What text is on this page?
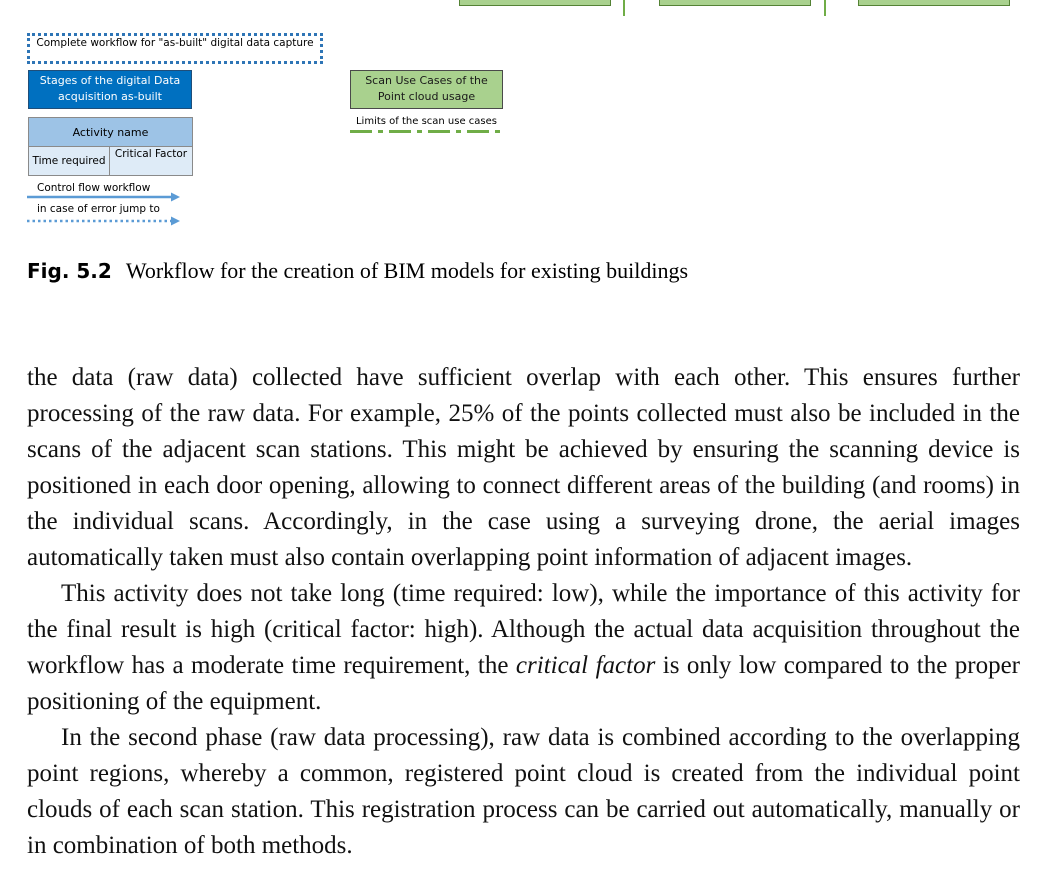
Complete workflow for "as-built" digital data capture
Stages of the digital Data acquisition as-built
Scan Use Cases of the Point cloud usage
Limits of the scan use cases
Activity name
Time required
Critical Factor
Control flow workflow
in case of error jump to
Fig. 5.2 Workflow for the creation of BIM models for existing buildings

the data (raw data) collected have sufficient overlap with each other. This ensures further processing of the raw data. For example, 25% of the points collected must also be included in the scans of the adjacent scan stations. This might be achieved by ensuring the scanning device is positioned in each door opening, allowing to connect different areas of the building (and rooms) in the individual scans. Accordingly, in the case using a surveying drone, the aerial images automatically taken must also contain overlapping point information of adjacent images.

This activity does not take long (time required: low), while the importance of this activity for the final result is high (critical factor: high). Although the actual data acquisition throughout the workflow has a moderate time requirement, the critical factor is only low compared to the proper positioning of the equipment.

In the second phase (raw data processing), raw data is combined according to the overlapping point regions, whereby a common, registered point cloud is created from the individual point clouds of each scan station. This registration process can be carried out automatically, manually or in combination of both methods.
